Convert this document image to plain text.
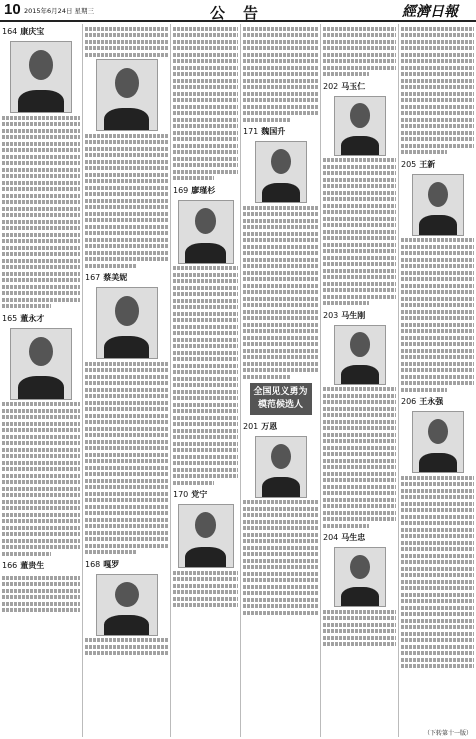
10 2015年6月24日 星期三	公告	經濟日報
164 康庆宝
165 董永才
166 董贵生
167 蔡美妮
168 嘎罗
169 廖瑾杉
170 党宁
171 魏国升
全国见义勇为模范候选人
201 万恩
202 马玉仁
203 马生刚
204 马生忠
205 王新
206 王永强
（下转第十一版）
